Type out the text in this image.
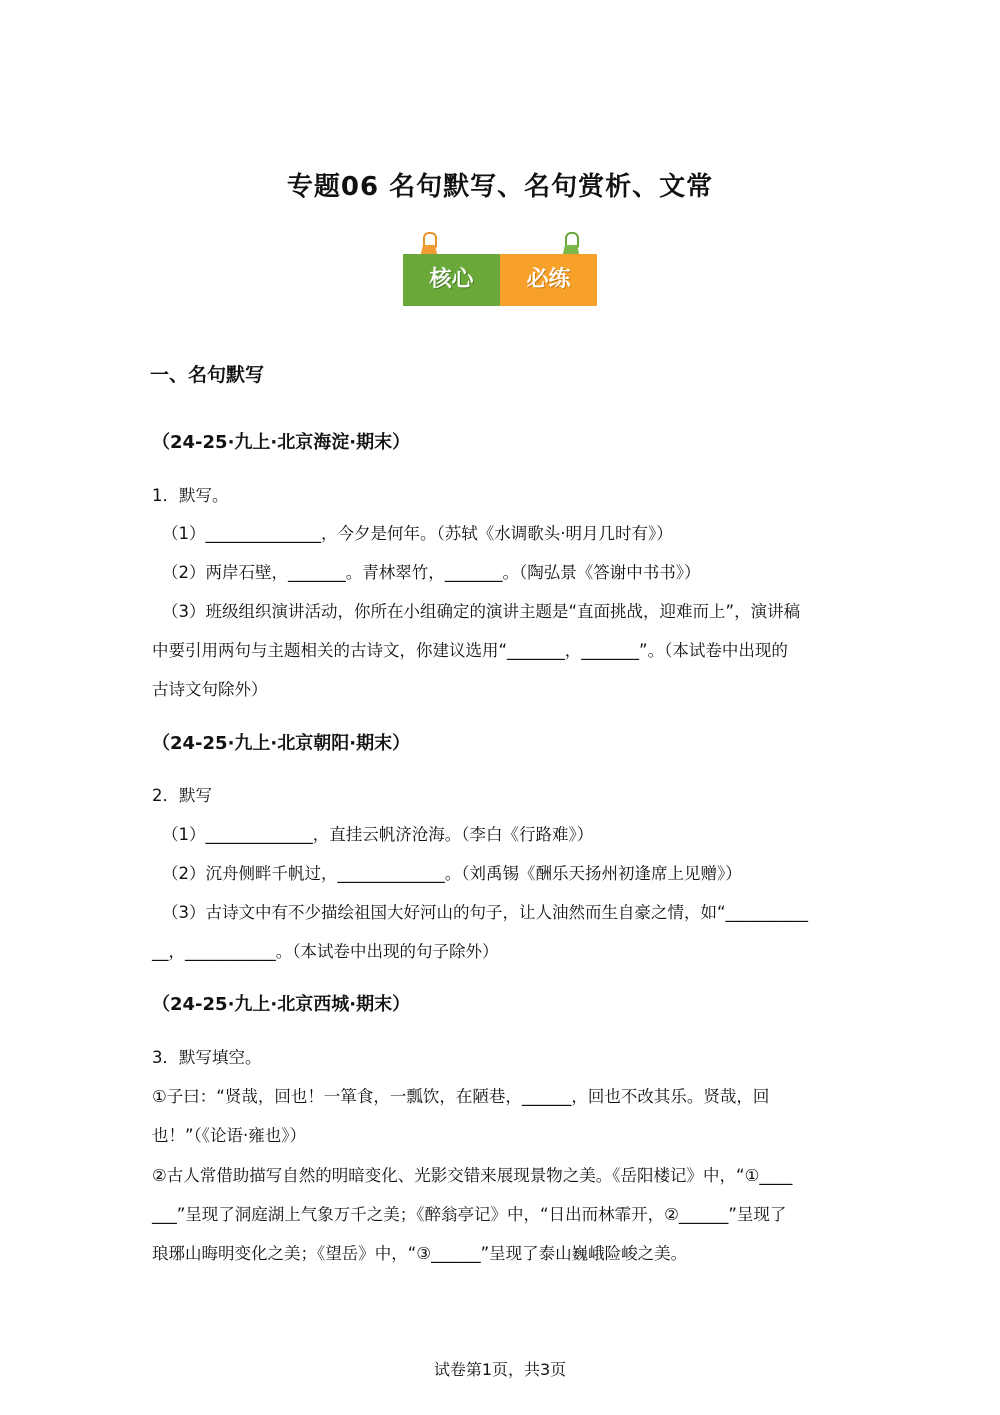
专题06 名句默写、名句赏析、文常
核心	必练
一、名句默写
（24-25·九上·北京海淀·期末）
1．默写。
（1）______________，今夕是何年。（苏轼《水调歌头·明月几时有》）
（2）两岸石壁，_______。青林翠竹，_______。（陶弘景《答谢中书书》）
（3）班级组织演讲活动，你所在小组确定的演讲主题是“直面挑战，迎难而上”，演讲稿
中要引用两句与主题相关的古诗文，你建议选用“_______，_______”。（本试卷中出现的
古诗文句除外）
（24-25·九上·北京朝阳·期末）
2．默写
（1）_____________，直挂云帆济沧海。（李白《行路难》）
（2）沉舟侧畔千帆过，_____________。（刘禹锡《酬乐天扬州初逢席上见赠》）
（3）古诗文中有不少描绘祖国大好河山的句子，让人油然而生自豪之情，如“__________
__，___________。（本试卷中出现的句子除外）
（24-25·九上·北京西城·期末）
3．默写填空。
①子曰：“贤哉，回也！一箪食，一瓢饮，在陋巷，______，回也不改其乐。贤哉，回
也！”（《论语·雍也》）
②古人常借助描写自然的明暗变化、光影交错来展现景物之美。《岳阳楼记》中，“①____
___”呈现了洞庭湖上气象万千之美；《醉翁亭记》中，“日出而林霏开，②______”呈现了
琅琊山晦明变化之美；《望岳》中，“③______”呈现了泰山巍峨险峻之美。
试卷第1页，共3页
